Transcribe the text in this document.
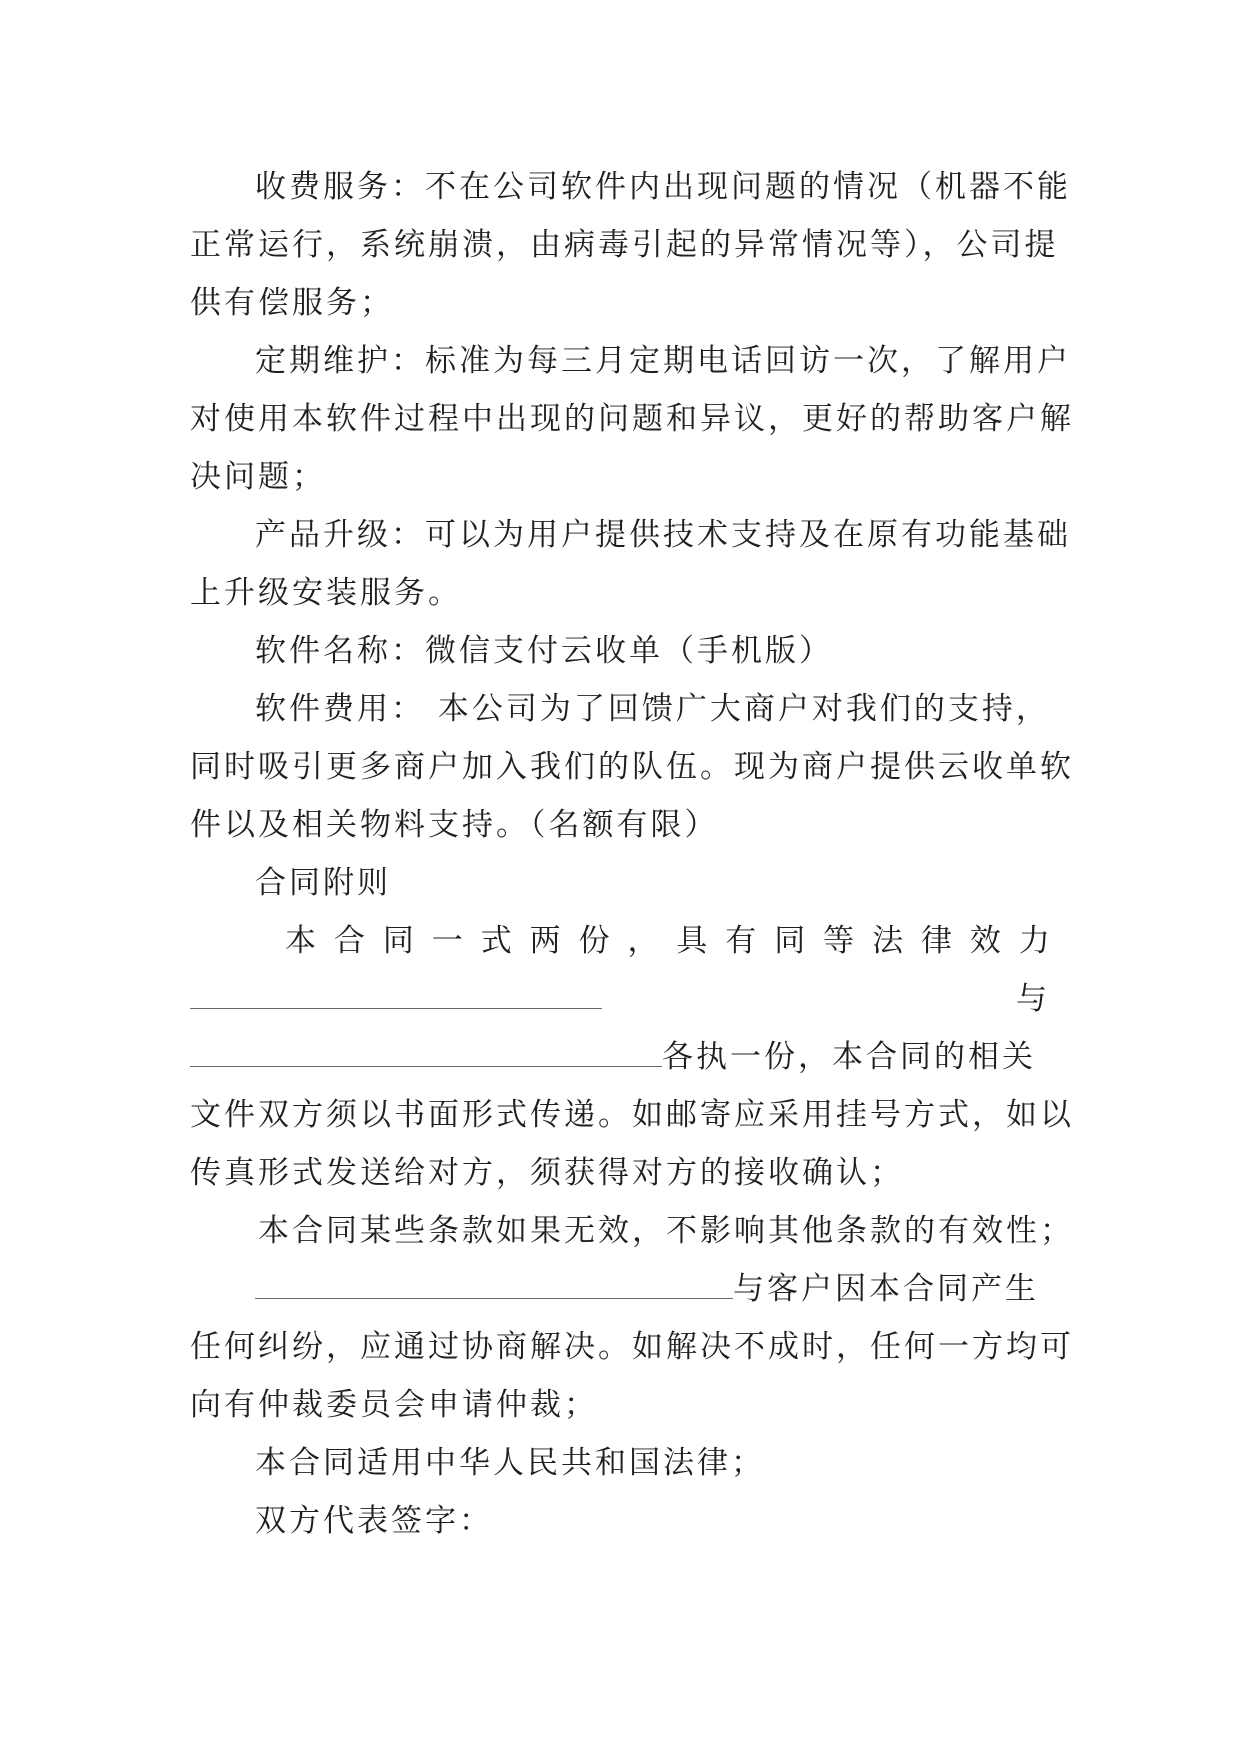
收费服务：不在公司软件内出现问题的情况（机器不能
正常运行，系统崩溃，由病毒引起的异常情况等），公司提
供有偿服务；
定期维护：标准为每三月定期电话回访一次，了解用户
对使用本软件过程中出现的问题和异议，更好的帮助客户解
决问题；
产品升级：可以为用户提供技术支持及在原有功能基础
上升级安装服务。
软件名称：微信支付云收单（手机版）
软件费用： 本公司为了回馈广大商户对我们的支持，
同时吸引更多商户加入我们的队伍。现为商户提供云收单软
件以及相关物料支持。（名额有限）
合同附则
本 合 同 一 式 两 份 ， 具 有 同 等 法 律 效 力
与
各执一份，本合同的相关
文件双方须以书面形式传递。如邮寄应采用挂号方式，如以
传真形式发送给对方，须获得对方的接收确认；
本合同某些条款如果无效，不影响其他条款的有效性；
与客户因本合同产生
任何纠纷，应通过协商解决。如解决不成时，任何一方均可
向有仲裁委员会申请仲裁；
本合同适用中华人民共和国法律；
双方代表签字：
